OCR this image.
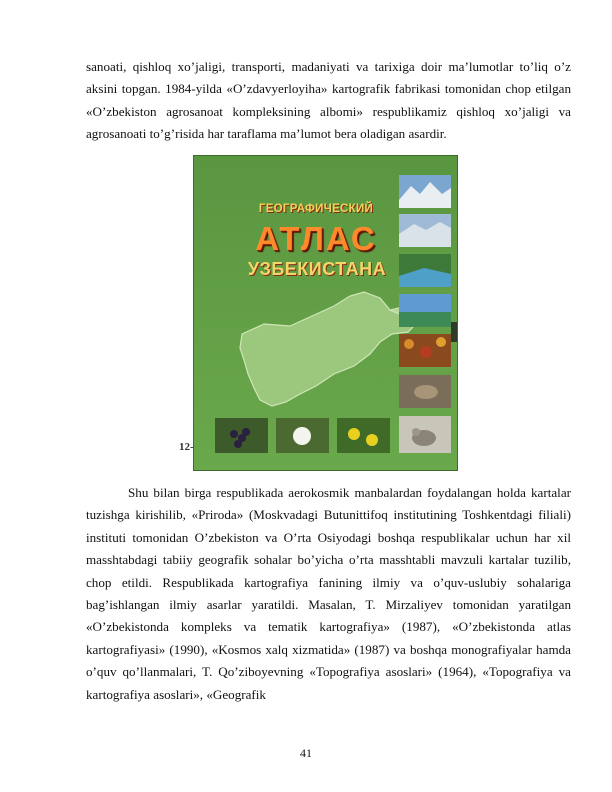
sanoati, qishloq xo’jaligi, transporti, madaniyati va tarixiga doir ma’lumotlar to’liq o’z aksini topgan. 1984-yilda «O’zdavyerloyiha» kartografik fabrikasi tomonidan chop etilgan «O’zbekiston agrosanoat kompleksining albomi» respublikamiz qishloq xo’jaligi va agrosanoati to’g’risida har taraflama ma’lumot bera oladigan asardir.

ГЕОГРАФИЧЕСКИЙ
АТЛАС
УЗБЕКИСТАНА
12-

Shu bilan birga respublikada aerokosmik manbalardan foydalangan holda kartalar tuzishga kirishilib, «Priroda» (Moskvadagi Butunittifoq institutining Toshkentdagi filiali) instituti tomonidan O’zbekiston va O’rta Osiyodagi boshqa respublikalar uchun har xil masshtabdagi tabiiy geografik sohalar bo’yicha o’rta masshtabli mavzuli kartalar tuzilib, chop etildi. Respublikada kartografiya fanining ilmiy va o’quv-uslubiy sohalariga bag’ishlangan ilmiy asarlar yaratildi. Masalan, T. Mirzaliyev tomonidan yaratilgan «O’zbekistonda kompleks va tematik kartografiya» (1987), «O’zbekistonda atlas kartografiyasi» (1990), «Kosmos xalq xizmatida» (1987) va boshqa monografiyalar hamda o’quv qo’llanmalari, T. Qo’ziboyevning «Topografiya asoslari» (1964), «Topografiya va kartografiya asoslari», «Geografik

41
